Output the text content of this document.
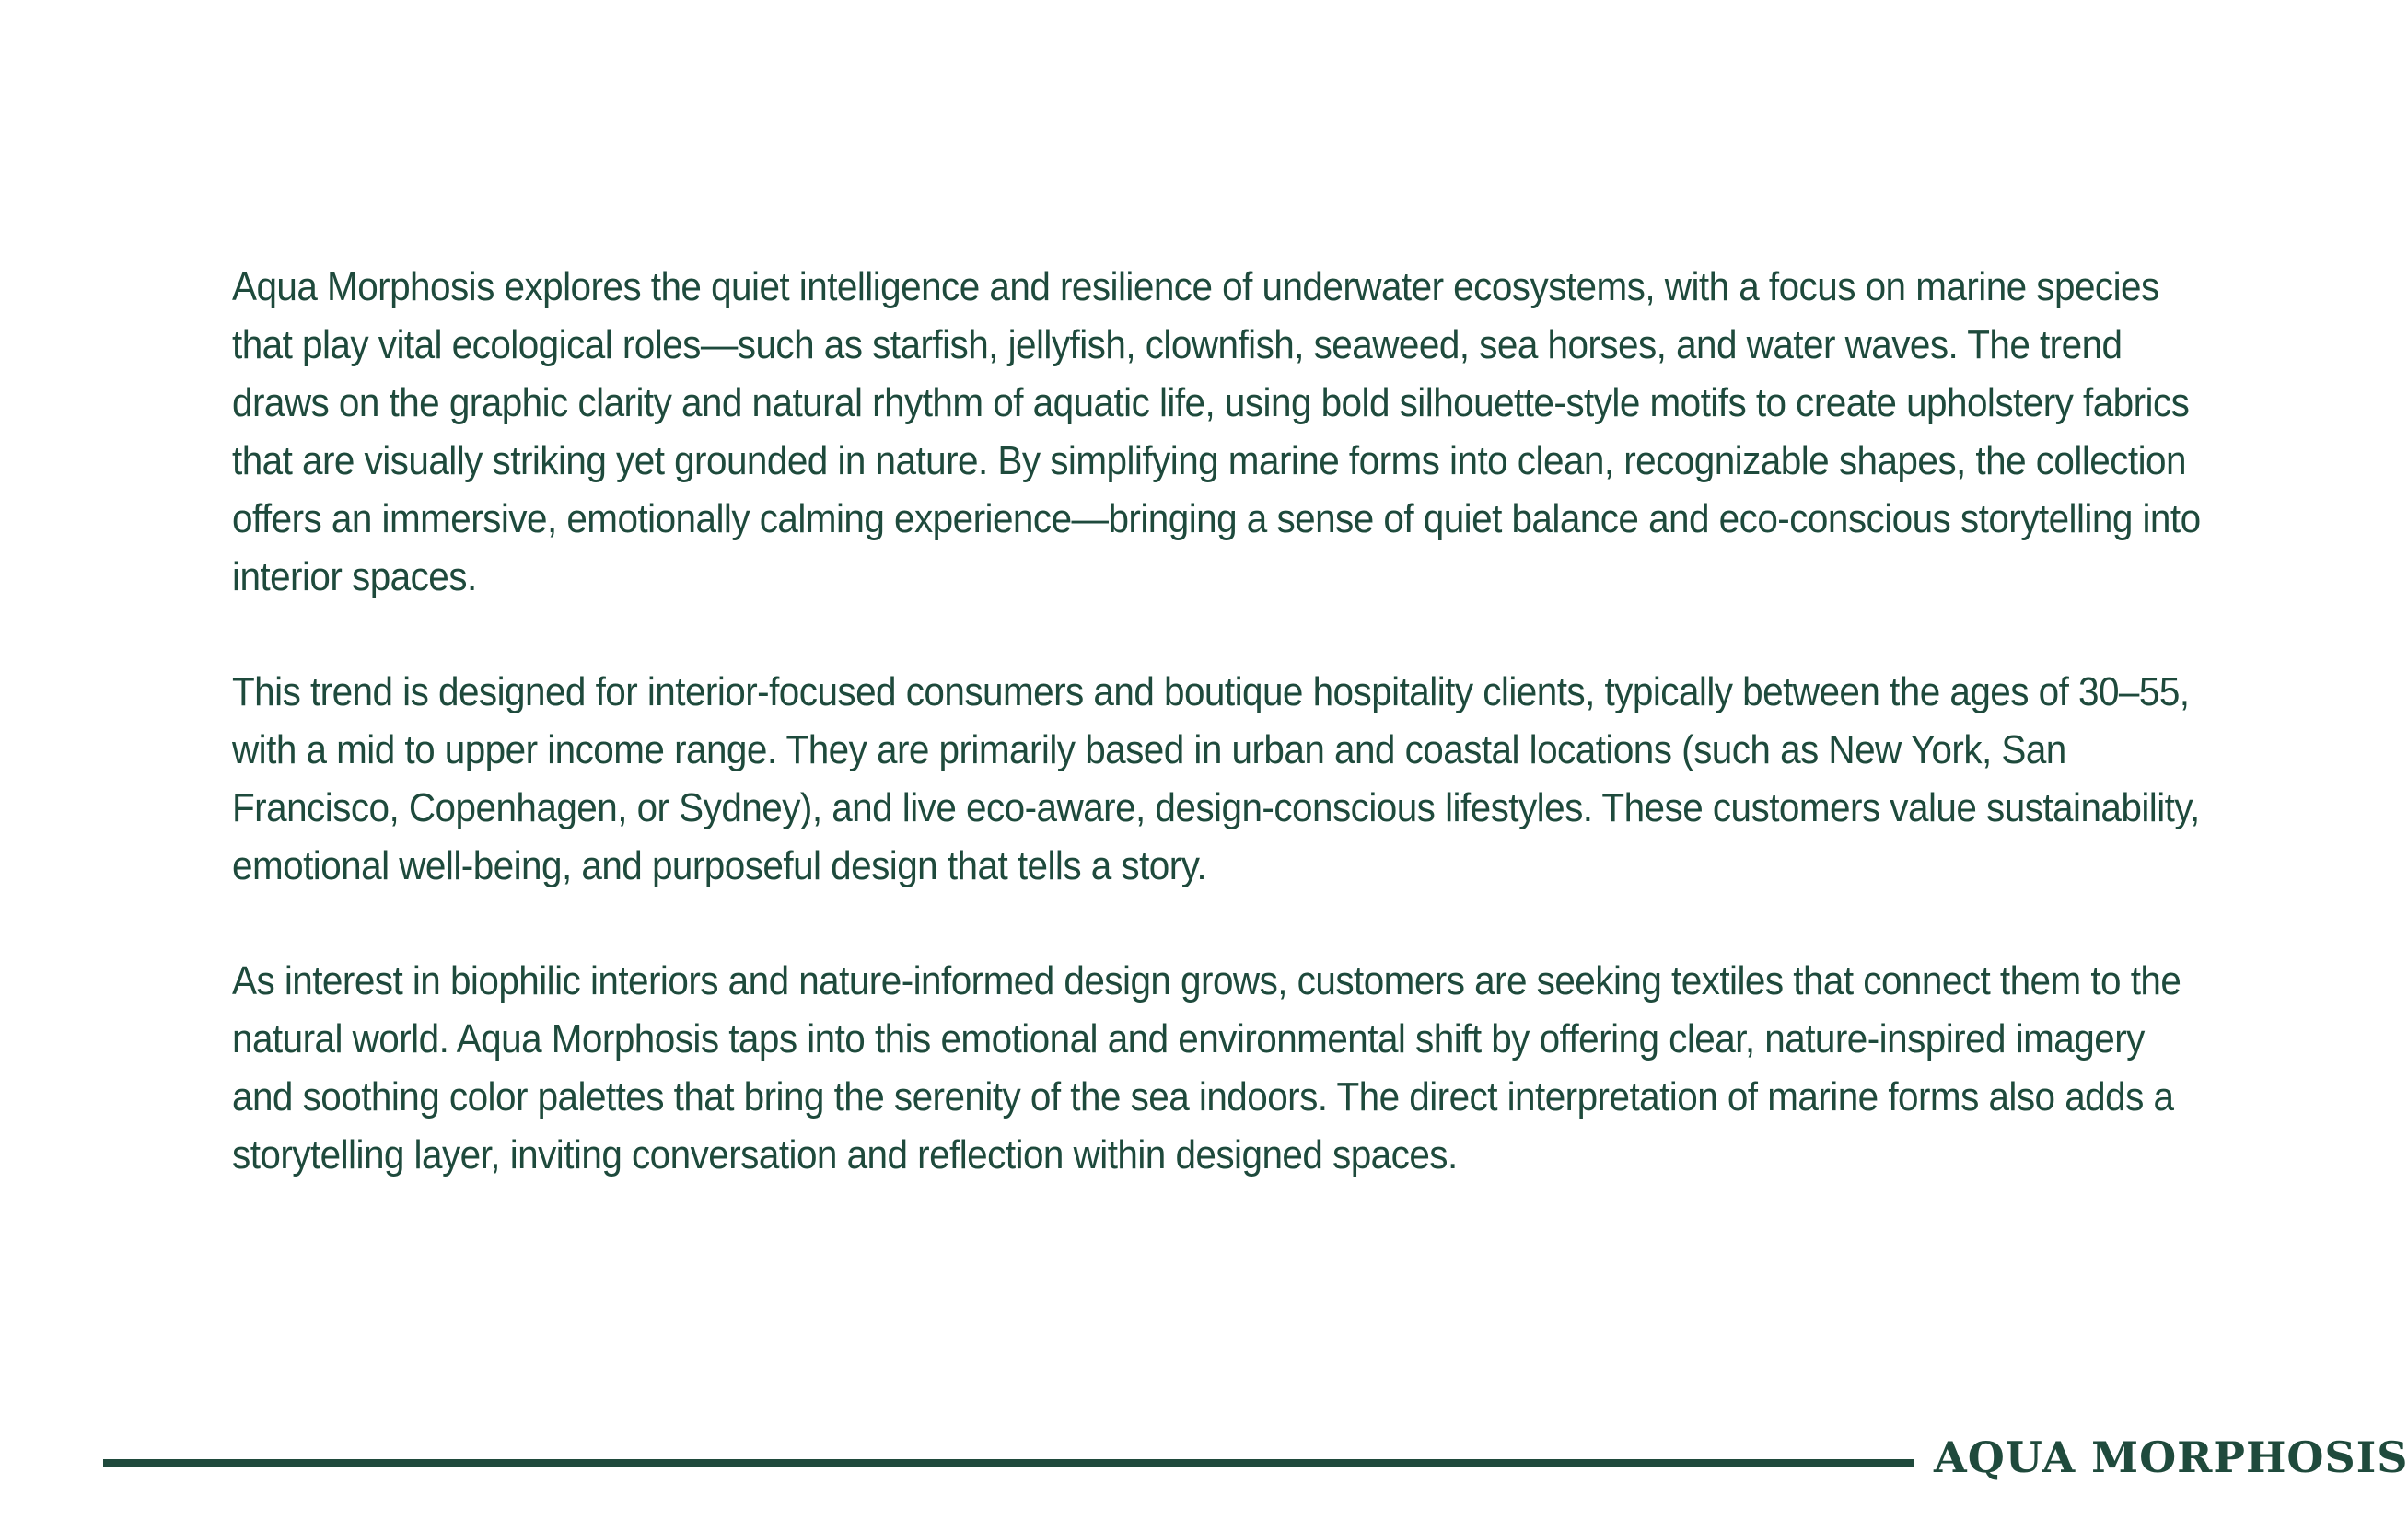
Aqua Morphosis explores the quiet intelligence and resilience of underwater ecosystems, with a focus on marine species that play vital ecological roles—such as starfish, jellyfish, clownfish, seaweed, sea horses, and water waves. The trend draws on the graphic clarity and natural rhythm of aquatic life, using bold silhouette-style motifs to create upholstery fabrics that are visually striking yet grounded in nature. By simplifying marine forms into clean, recognizable shapes, the collection offers an immersive, emotionally calming experience—bringing a sense of quiet balance and eco-conscious storytelling into interior spaces.

This trend is designed for interior-focused consumers and boutique hospitality clients, typically between the ages of 30–55, with a mid to upper income range. They are primarily based in urban and coastal locations (such as New York, San Francisco, Copenhagen, or Sydney), and live eco-aware, design-conscious lifestyles. These customers value sustainability, emotional well-being, and purposeful design that tells a story.

As interest in biophilic interiors and nature-informed design grows, customers are seeking textiles that connect them to the natural world. Aqua Morphosis taps into this emotional and environmental shift by offering clear, nature-inspired imagery and soothing color palettes that bring the serenity of the sea indoors. The direct interpretation of marine forms also adds a storytelling layer, inviting conversation and reflection within designed spaces.

AQUA MORPHOSIS
